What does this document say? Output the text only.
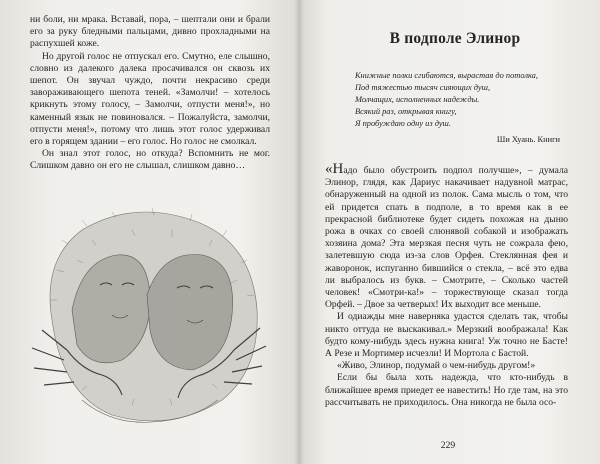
ни боли, ни мрака. Вставай, пора, – шептали они и брали его за руку бледными пальцами, дивно прохладными на распухшей коже.

Но другой голос не отпускал его. Смутно, еле слышно, словно из далекого далека просачивался он сквозь их шепот. Он звучал чуждо, почти некрасиво среди завораживающего шепота теней. «Замолчи! – хотелось крикнуть этому голосу, – Замолчи, отпусти меня!», но каменный язык не повиновался. – Пожалуйста, замолчи, отпусти меня!», потому что лишь этот голос удерживал его в горящем здании – его голос. Но голос не смолкал.

Он знал этот голос, но откуда? Вспомнить не мог. Слишком давно он его не слышал, слишком давно…

В подполе Элинор
Книжные полки сгибаются, вырастая до потолка,
Под тяжестью тысяч сияющих душ,
Молчащих, исполненных надежды.
Всякий раз, открывая книгу,
Я пробуждаю одну из душ.
Ши Хуань. Книги

«Надо было обустроить подпол получше», – думала Элинор, глядя, как Дариус накачивает надувной матрас, обнаруженный на одной из полок. Сама мысль о том, что ей придется спать в подполе, в то время как в ее прекрасной библиотеке будет сидеть похожая на дыню рожа в очках со своей слюнявой собакой и изображать хозяина дома? Эта мерзкая песня чуть не сожрала фею, залетевшую сюда из-за слов Орфея. Стеклянная фея и жаворонок, испуганно бившийся о стекла, – всё это едва ли выбралось из букв. – Смотрите, – Сколько частей человек! «Смотри-ка!» – торжествующе сказал тогда Орфей. – Двое за четверых! Их выходит все меньше.

И одиажды мне наверняка удастся сделать так, чтобы никто оттуда не выскакивал.» Мерзкий воображала! Как будто кому-нибудь здесь нужна книга! Уж точно не Басте! А Резе и Мортимер исчезли! И Мортола с Бастой.

«Живо, Элинор, подумай о чем-нибудь другом!»

Если бы была хоть надежда, что кто-нибудь в ближайшее время приедет ее навестить! Но где там, на это рассчитывать не приходилось. Она никогда не была осо-

229
